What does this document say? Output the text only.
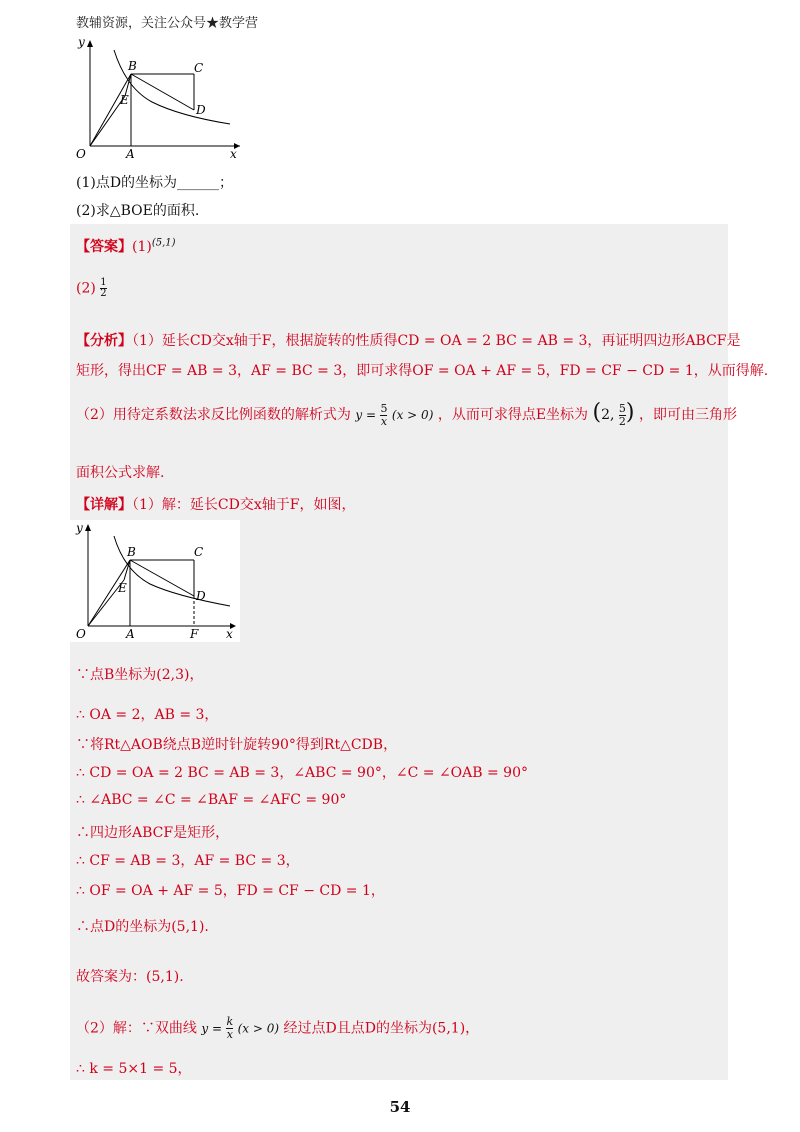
教辅资源，关注公众号★教学营
y
x
O	A
B	C
D
E
(1)点D的坐标为______；
(2)求△BOE的面积.
【答案】$(1)^{(5,1)}$
$(2) \frac{1}{2}$
【分析】（1）延长CD交x轴于F，根据旋转的性质得CD = OA = 2 BC = AB = 3，再证明四边形ABCF是
矩形，得出CF = AB = 3，AF = BC = 3，即可求得OF = OA + AF = 5，FD = CF − CD = 1，从而得解.
（2）用待定系数法求反比例函数的解析式为 $y = \frac{5}{x} (x > 0)$ ，从而可求得点E坐标为 (2, $\frac{5}{2}$ ) ，即可由三角形
面积公式求解.
【详解】（1）解：延长CD交x轴于F，如图，
y
x
O	A	F
B	C
D
E
∵点B坐标为(2,3)，
∴ OA = 2，AB = 3，
∵将Rt△AOB绕点B逆时针旋转90°得到Rt△CDB，
∴ CD = OA = 2 BC = AB = 3，∠ABC = 90°，∠C = ∠OAB = 90°
∴ ∠ABC = ∠C = ∠BAF = ∠AFC = 90°
∴四边形ABCF是矩形，
∴ CF = AB = 3，AF = BC = 3，
∴ OF = OA + AF = 5，FD = CF − CD = 1，
∴点D的坐标为(5,1).
故答案为：(5,1).
（2）解：∵双曲线 $y = \frac{k}{x} (x > 0)$ 经过点D且点D的坐标为(5,1)，
∴ k = 5×1 = 5，
54
